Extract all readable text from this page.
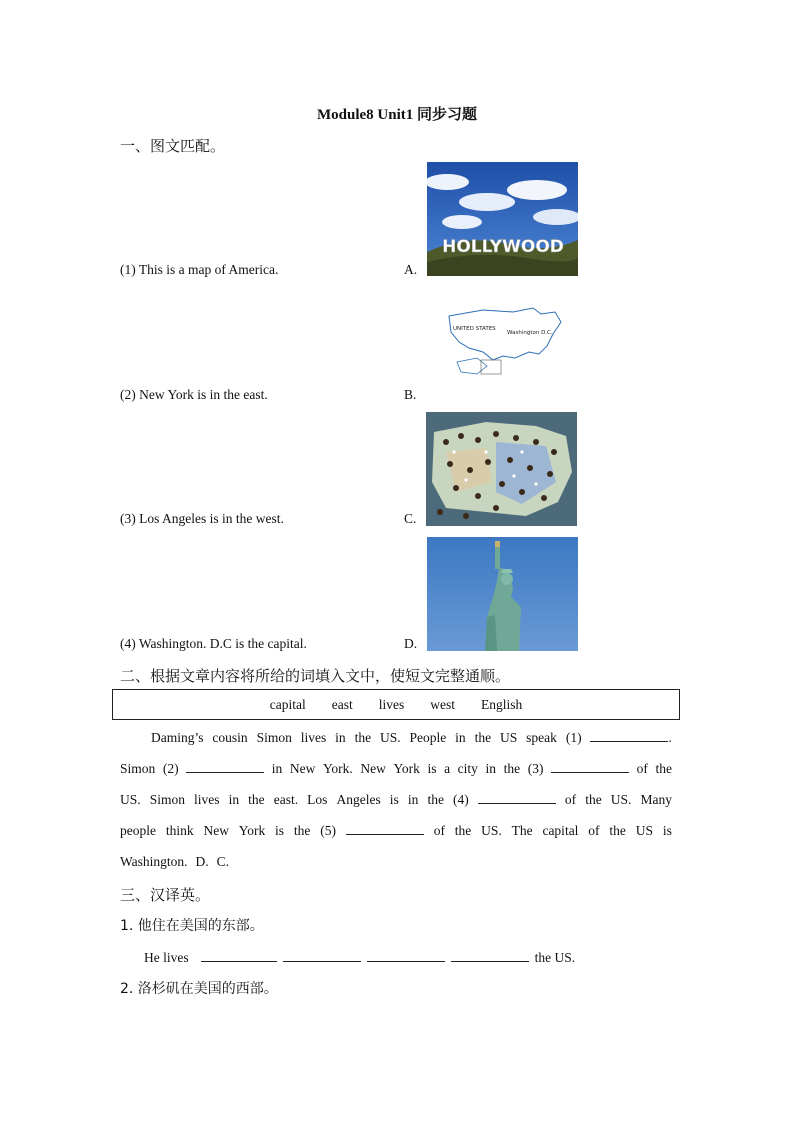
Module8 Unit1 同步习题
一、图文匹配。
(1) This is a map of America.	A.
(2) New York is in the east.	B.
(3) Los Angeles is in the west.	C.
(4) Washington. D.C is the capital.	D.
HOLLYWOOD
UNITED STATES
Washington D.C.
二、根据文章内容将所给的词填入文中，使短文完整通顺。
capital east lives west English
Daming’s cousin Simon lives in the US. People in the US speak (1)	.
Simon (2)	in New York. New York is a city in the (3)	of the
US. Simon lives in the east. Los Angeles is in the (4)	of the US. Many
people think New York is the (5)	of the US. The capital of the US is
Washington. D. C.
三、汉译英。
1. 他住在美国的东部。
He lives	the US.
2. 洛杉矶在美国的西部。
